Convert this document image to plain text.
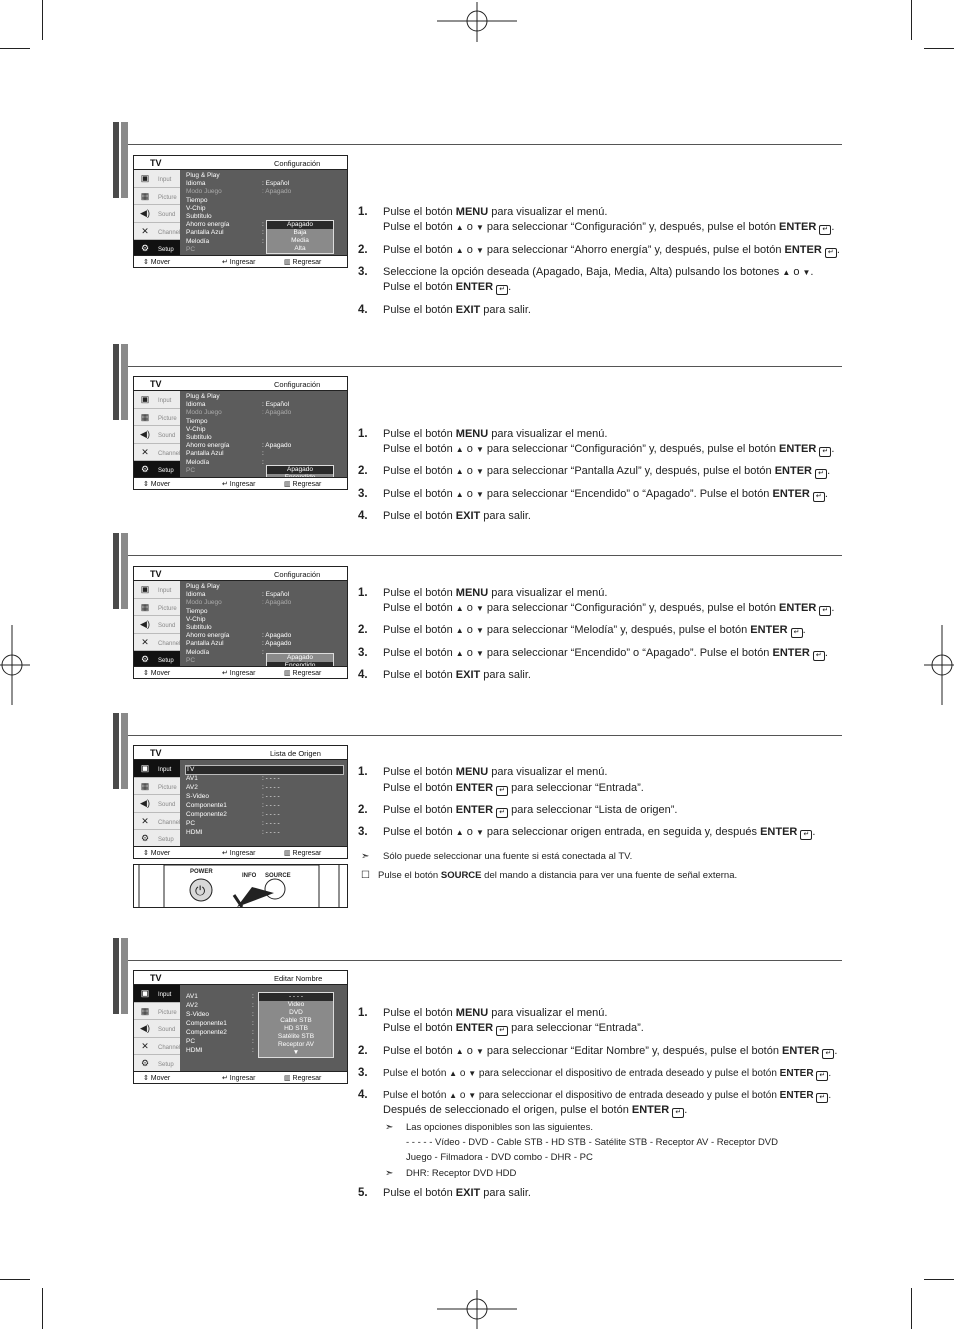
TV	Configuración
▣	Input
▦	Picture
◀)	Sound
✕	Channel
⚙	Setup
Plug & Play
Idioma	: Español
Modo Juego	: Apagado
Tiempo
V-Chip
Subtítulo
Ahorro energía	:
Pantalla Azul	:
Melodía	:
PC
Apagado
Baja
Media
Alta
⇕ Mover	↵ Ingresar	▥ Regresar
1. Pulse el botón MENU para visualizar el menú.
Pulse el botón ▲ o ▼ para seleccionar “Configuración” y, después, pulse el botón ENTER ↵ .
2. Pulse el botón ▲ o ▼ para seleccionar “Ahorro energía” y, después, pulse el botón ENTER ↵ .
3. Seleccione la opción deseada (Apagado, Baja, Media, Alta) pulsando los botones ▲ o ▼.
Pulse el botón ENTER ↵ .
4. Pulse el botón EXIT para salir.
TV	Configuración
▣	Input
▦	Picture
◀)	Sound
✕	Channel
⚙	Setup
Plug & Play
Idioma	: Español
Modo Juego	: Apagado
Tiempo
V-Chip
Subtítulo
Ahorro energía	: Apagado
Pantalla Azul	:
Melodía	:
PC	Apagado
⇕ Mover	↵ Ingresar	▥ Regresar
1. Pulse el botón MENU para visualizar el menú.
Pulse el botón ▲ o ▼ para seleccionar “Configuración” y, después, pulse el botón ENTER ↵ .
2. Pulse el botón ▲ o ▼ para seleccionar “Pantalla Azul” y, después, pulse el botón ENTER ↵ .
3. Pulse el botón ▲ o ▼ para seleccionar “Encendido” o “Apagado”. Pulse el botón ENTER ↵ .
4. Pulse el botón EXIT para salir.
TV	Configuración
▣	Input
▦	Picture
◀)	Sound
✕	Channel
⚙	Setup
Plug & Play
Idioma	: Español
Modo Juego	: Apagado
Tiempo
V-Chip
Subtítulo
Ahorro energía	: Apagado
Pantalla Azul	: Apagado
Melodía	:
PC	Apagado
⇕ Mover	↵ Ingresar	▥ Regresar
1. Pulse el botón MENU para visualizar el menú.
Pulse el botón ▲ o ▼ para seleccionar “Configuración” y, después, pulse el botón ENTER ↵ .
2. Pulse el botón ▲ o ▼ para seleccionar “Melodía” y, después, pulse el botón ENTER ↵ .
3. Pulse el botón ▲ o ▼ para seleccionar “Encendido” o “Apagado”. Pulse el botón ENTER ↵ .
4. Pulse el botón EXIT para salir.
TV	Lista de Origen
▣	Input
▦	Picture
◀)	Sound
✕	Channel
⚙	Setup
TV
AV1	: - - - -
AV2	: - - - -
S-Video	: - - - -
Componente1	: - - - -
Componente2	: - - - -
PC	: - - - -
HDMI	: - - - -
⇕ Mover	↵ Ingresar	▥ Regresar
1. Pulse el botón MENU para visualizar el menú.
Pulse el botón ENTER ↵ para seleccionar “Entrada”.
2. Pulse el botón ENTER ↵ para seleccionar “Lista de origen”.
3. Pulse el botón ▲ o ▼ para seleccionar origen entrada, en seguida y, después ENTER ↵ .
➣ Sólo puede seleccionar una fuente si está conectada al TV.
☐ Pulse el botón SOURCE del mando a distancia para ver una fuente de señal externa.
POWER
⏻
INFO SOURCE
TV	Editar Nombre
▣	Input
▦	Picture
◀)	Sound
✕	Channel
⚙	Setup
AV1	:
AV2	:
S-Video	:
Componente1	:
Componente2	:
PC	:
HDMI	:
- - - -
Video
DVD
Cable STB
HD STB
Satélite STB
Receptor AV
▼
⇕ Mover	↵ Ingresar	▥ Regresar
1. Pulse el botón MENU para visualizar el menú.
Pulse el botón ENTER ↵ para seleccionar “Entrada”.
2. Pulse el botón ▲ o ▼ para seleccionar “Editar Nombre” y, después, pulse el botón ENTER ↵ .
3. Pulse el botón ▲ o ▼ para seleccionar el dispositivo de entrada deseado y pulse el botón ENTER ↵ .
4. Pulse el botón ▲ o ▼ para seleccionar el dispositivo de entrada deseado y pulse el botón ENTER ↵ .
Después de seleccionado el origen, pulse el botón ENTER ↵ .
5. Pulse el botón EXIT para salir.
➣ Las opciones disponibles son las siguientes.
- - - - - Vídeo - DVD - Cable STB - HD STB - Satélite STB - Receptor AV - Receptor DVD
Juego - Filmadora - DVD combo - DHR - PC
➣ DHR: Receptor DVD HDD
